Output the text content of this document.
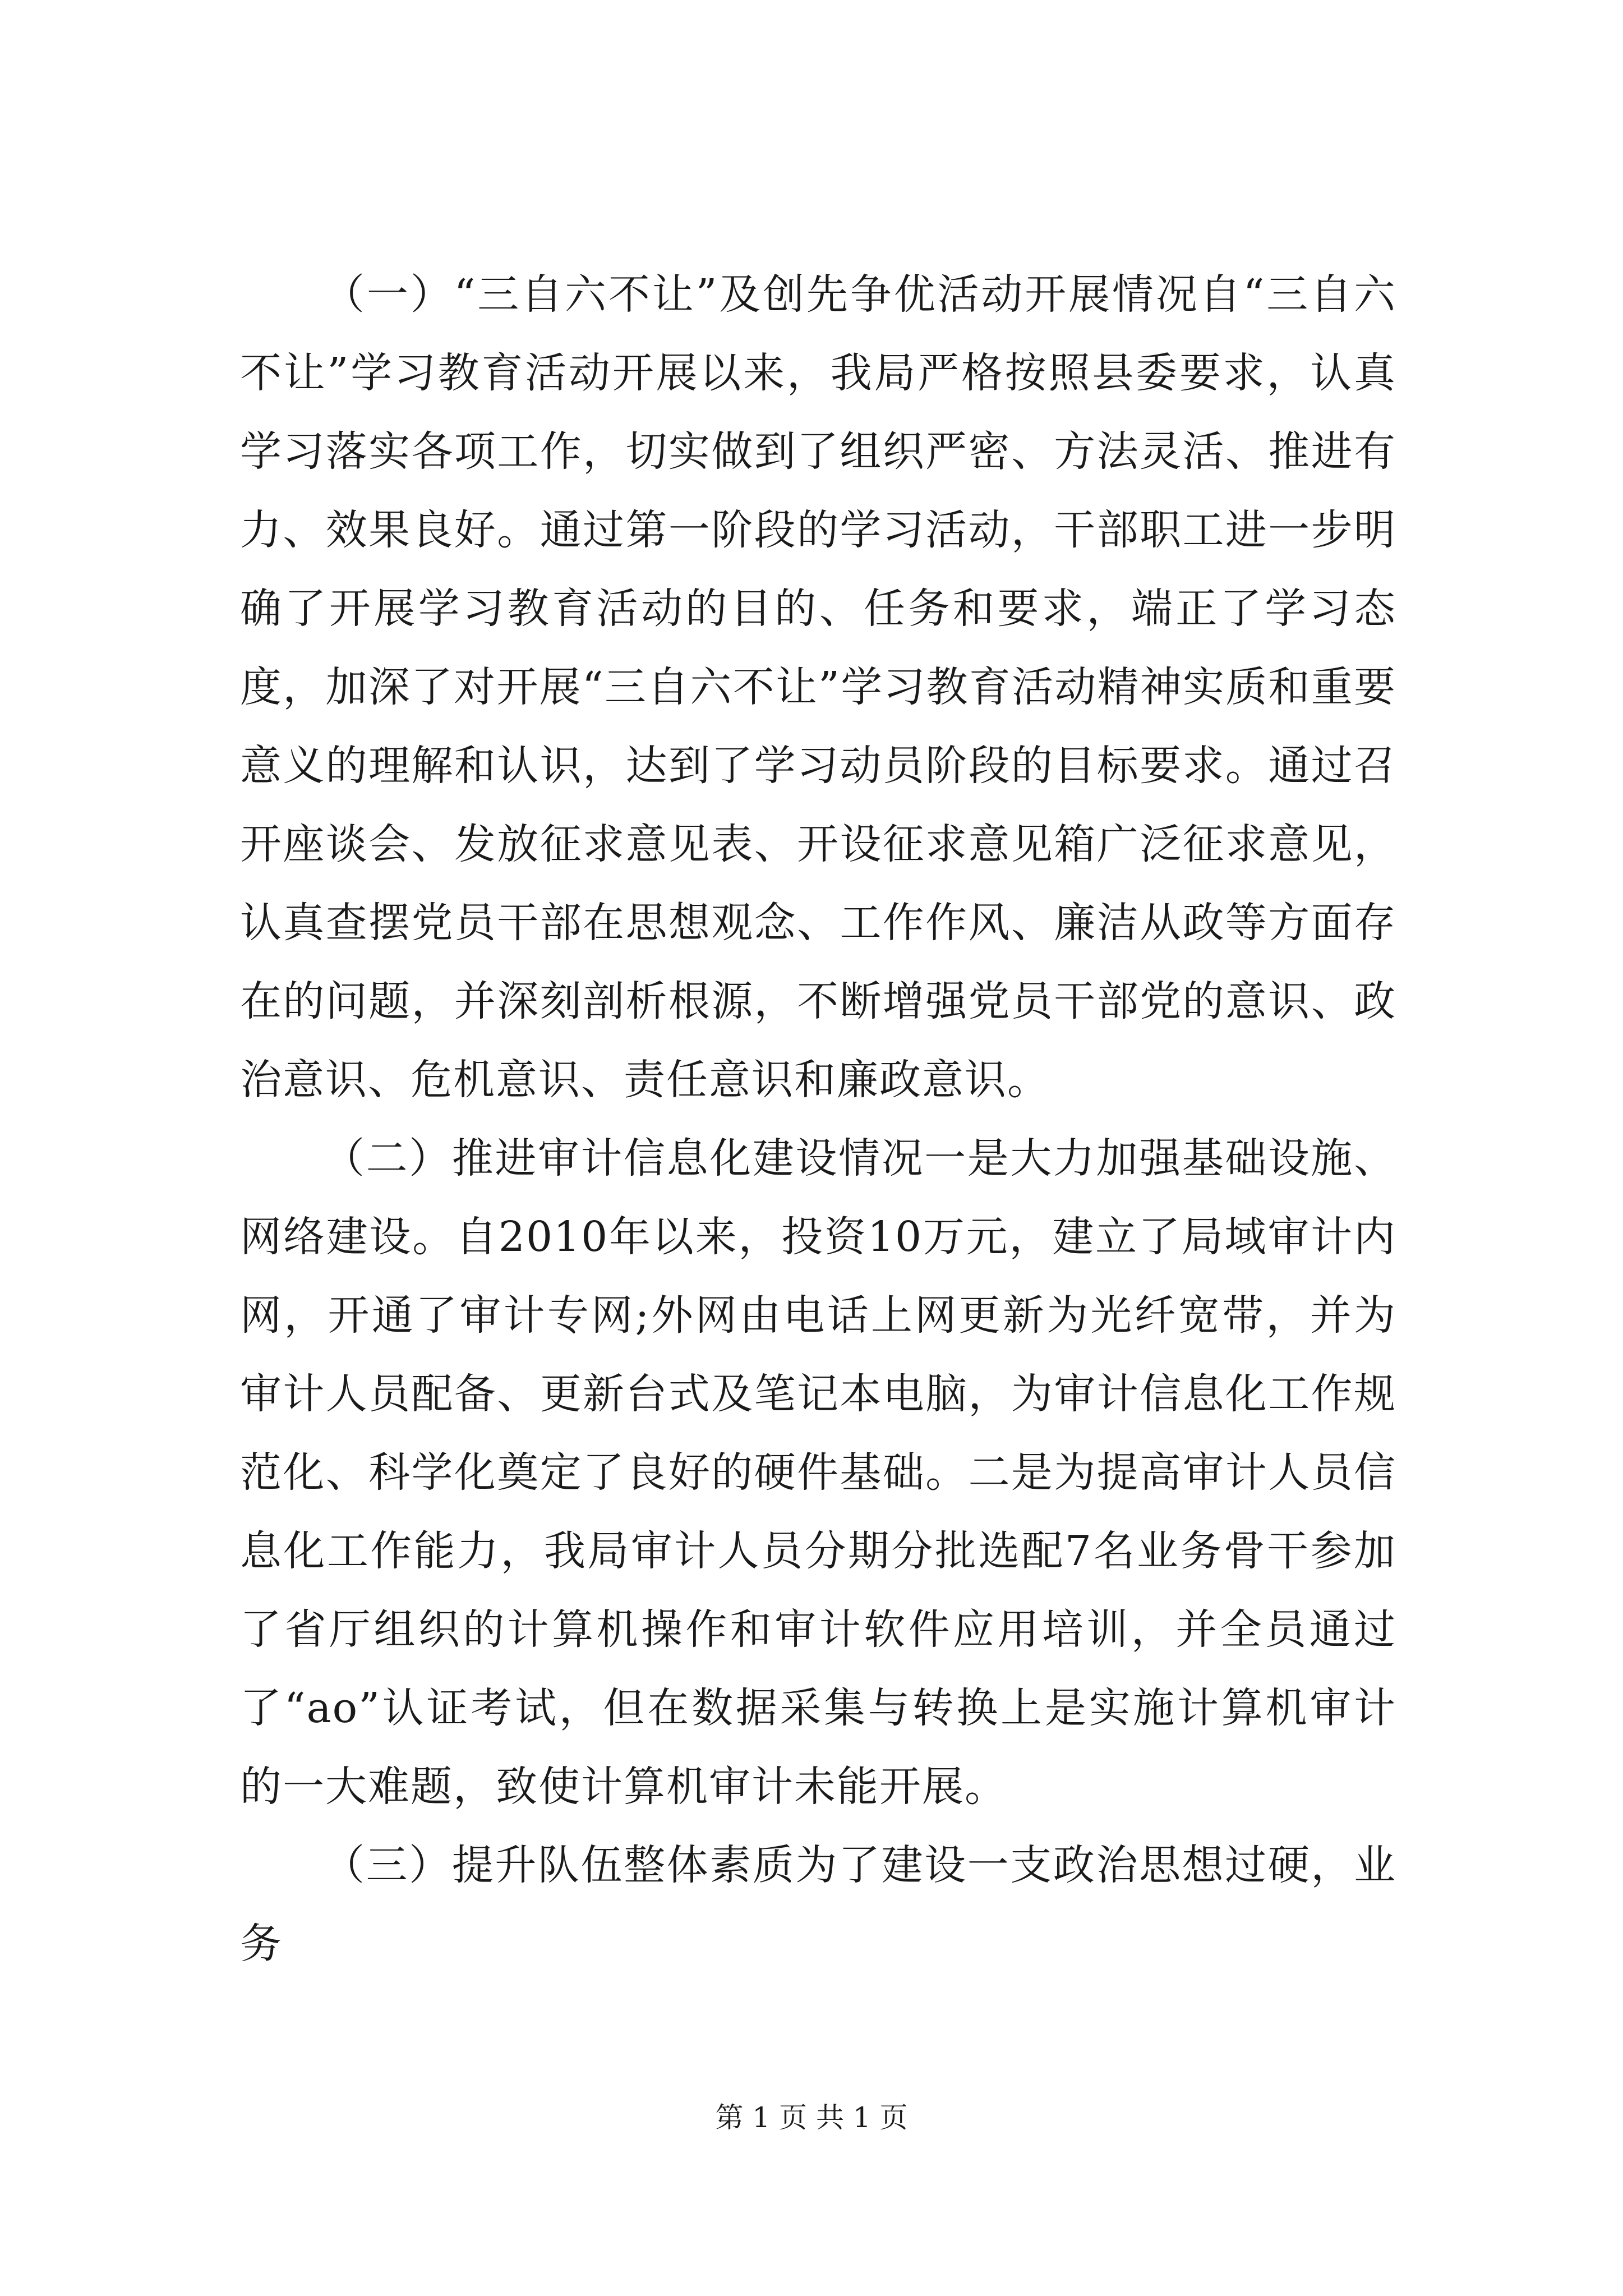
（一）“三自六不让”及创先争优活动开展情况自“三自六不让”学习教育活动开展以来，我局严格按照县委要求，认真学习落实各项工作，切实做到了组织严密、方法灵活、推进有力、效果良好。通过第一阶段的学习活动，干部职工进一步明确了开展学习教育活动的目的、任务和要求，端正了学习态度，加深了对开展“三自六不让”学习教育活动精神实质和重要意义的理解和认识，达到了学习动员阶段的目标要求。通过召开座谈会、发放征求意见表、开设征求意见箱广泛征求意见，认真查摆党员干部在思想观念、工作作风、廉洁从政等方面存在的问题，并深刻剖析根源，不断增强党员干部党的意识、政治意识、危机意识、责任意识和廉政意识。

（二）推进审计信息化建设情况一是大力加强基础设施、网络建设。自2010年以来，投资10万元，建立了局域审计内网，开通了审计专网;外网由电话上网更新为光纤宽带，并为审计人员配备、更新台式及笔记本电脑，为审计信息化工作规范化、科学化奠定了良好的硬件基础。二是为提高审计人员信息化工作能力，我局审计人员分期分批选配7名业务骨干参加了省厅组织的计算机操作和审计软件应用培训，并全员通过了“ao”认证考试，但在数据采集与转换上是实施计算机审计的一大难题，致使计算机审计未能开展。

（三）提升队伍整体素质为了建设一支政治思想过硬，业务

第 1 页 共 1 页
